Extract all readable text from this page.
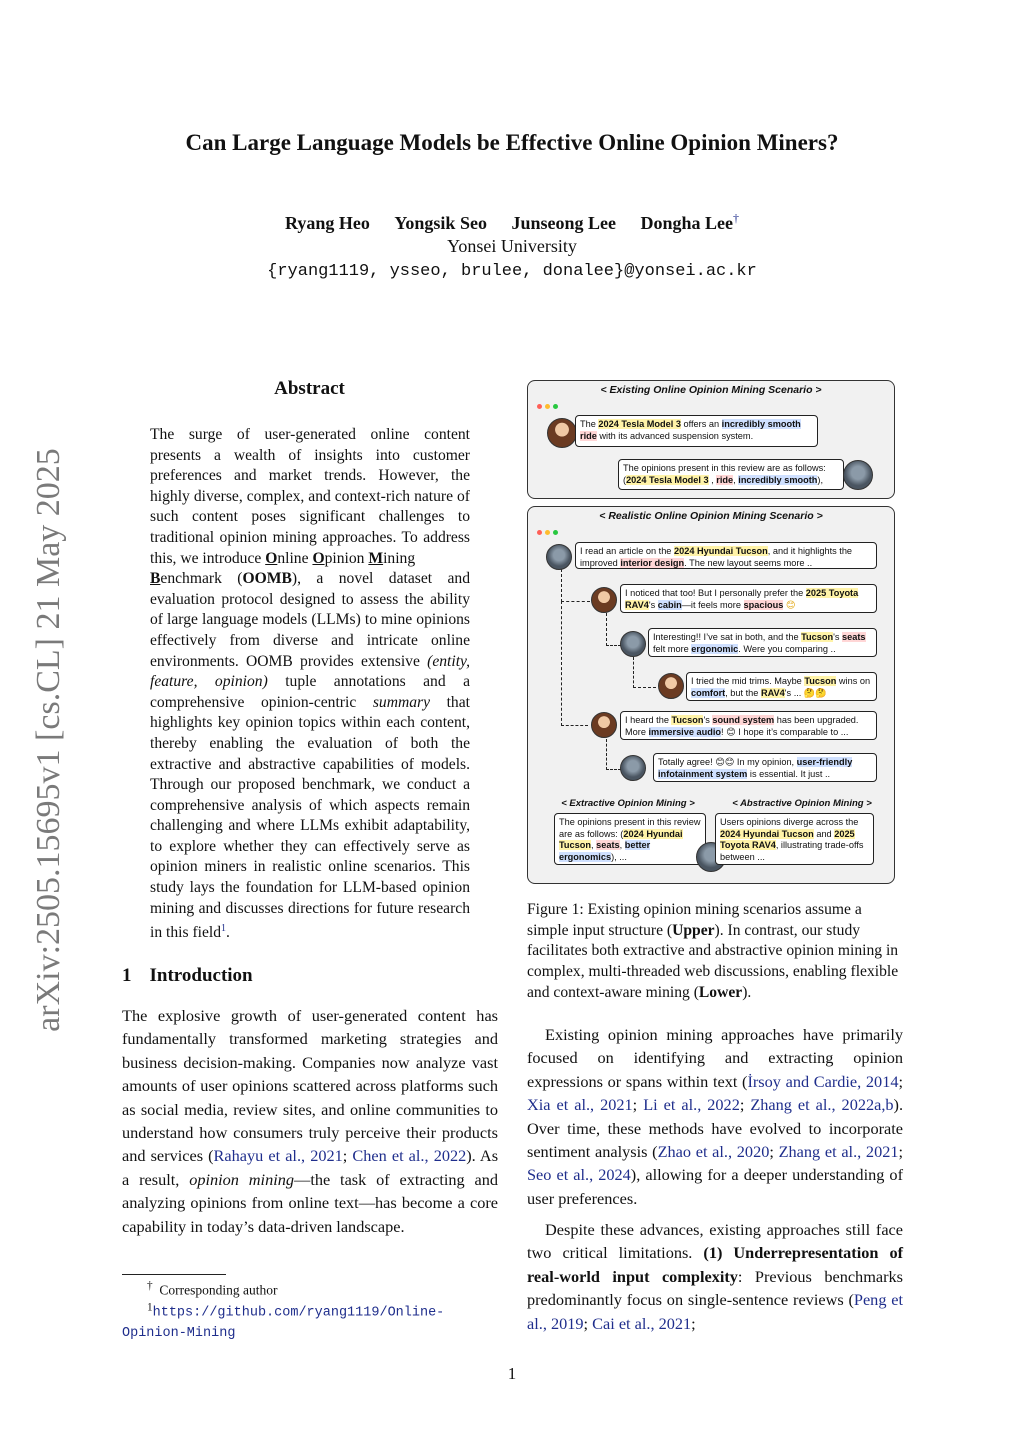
arXiv:2505.15695v1 [cs.CL] 21 May 2025
Can Large Language Models be Effective Online Opinion Miners?
Ryang Heo Yongsik Seo Junseong Lee Dongha Lee†
Yonsei University
{ryang1119, ysseo, brulee, donalee}@yonsei.ac.kr
Abstract
The surge of user-generated online content presents a wealth of insights into customer preferences and market trends. However, the highly diverse, complex, and context-rich nature of such content poses significant challenges to traditional opinion mining approaches. To address this, we introduce Online Opinion Mining
Benchmark (OOMB), a novel dataset and evaluation protocol designed to assess the ability of large language models (LLMs) to mine opinions effectively from diverse and intricate online environments. OOMB provides extensive (entity, feature, opinion) tuple annotations and a comprehensive opinion-centric summary that highlights key opinion topics within each content, thereby enabling the evaluation of both the extractive and abstractive capabilities of models. Through our proposed benchmark, we conduct a comprehensive analysis of which aspects remain challenging and where LLMs exhibit adaptability, to explore whether they can effectively serve as opinion miners in realistic online scenarios. This study lays the foundation for LLM-based opinion mining and discusses directions for future research in this field$^1$.
1 Introduction
The explosive growth of user-generated content has fundamentally transformed marketing strategies and business decision-making. Companies now analyze vast amounts of user opinions scattered across platforms such as social media, review sites, and online communities to understand how consumers truly perceive their products and services (Rahayu et al., 2021; Chen et al., 2022). As a result, opinion mining—the task of extracting and analyzing opinions from online text—has become a core capability in today’s data-driven landscape.
† Corresponding author
$^1$https://github.com/ryang1119/Online-Opinion-Mining
< Existing Online Opinion Mining Scenario >
The 2024 Tesla Model 3 offers an incredibly smooth ride with its advanced suspension system.
The opinions present in this review are as follows: (2024 Tesla Model 3 , ride, incredibly smooth),
< Realistic Online Opinion Mining Scenario >
I read an article on the 2024 Hyundai Tucson, and it highlights the improved interior design. The new layout seems more ..
I noticed that too! But I personally prefer the 2025 Toyota RAV4's cabin—it feels more spacious 😊
Interesting!! I’ve sat in both, and the Tucson's seats felt more ergonomic. Were you comparing ..
I tried the mid trims. Maybe Tucson wins on comfort, but the RAV4's ... 🤔🤔
I heard the Tucson's sound system has been upgraded. More immersive audio! 😊 I hope it’s comparable to ...
Totally agree! 😊😊 In my opinion, user-friendly infotainment system is essential. It just ..
< Extractive Opinion Mining >	< Abstractive Opinion Mining >
The opinions present in this review are as follows: (2024 Hyundai Tucson, seats, better ergonomics), ...
Users opinions diverge across the 2024 Hyundai Tucson and 2025 Toyota RAV4, illustrating trade-offs between ...
Figure 1: Existing opinion mining scenarios assume a simple input structure (Upper). In contrast, our study facilitates both extractive and abstractive opinion mining in complex, multi-threaded web discussions, enabling flexible and context-aware mining (Lower).
Existing opinion mining approaches have primarily focused on identifying and extracting opinion expressions or spans within text (İrsoy and Cardie, 2014; Xia et al., 2021; Li et al., 2022; Zhang et al., 2022a,b). Over time, these methods have evolved to incorporate sentiment analysis (Zhao et al., 2020; Zhang et al., 2021; Seo et al., 2024), allowing for a deeper understanding of user preferences.
Despite these advances, existing approaches still face two critical limitations. (1) Underrepresentation of real-world input complexity: Previous benchmarks predominantly focus on single-sentence reviews (Peng et al., 2019; Cai et al., 2021;
1
